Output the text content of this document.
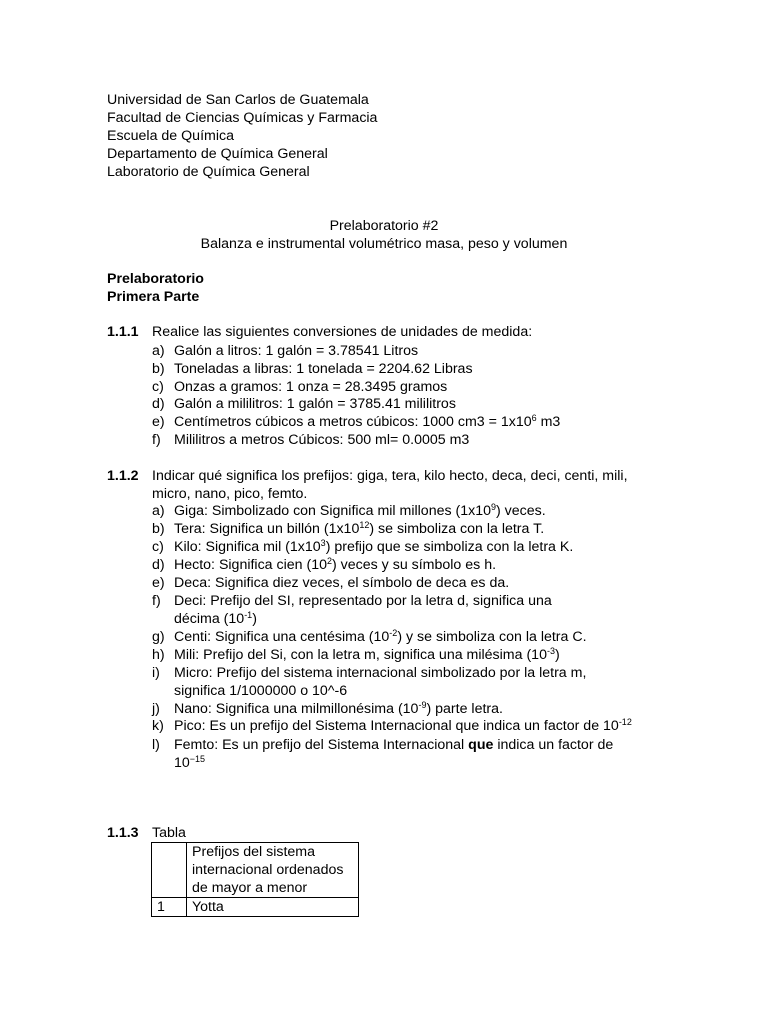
Universidad de San Carlos de Guatemala
Facultad de Ciencias Químicas y Farmacia
Escuela de Química
Departamento de Química General
Laboratorio de Química General
Prelaboratorio #2
Balanza e instrumental volumétrico masa, peso y volumen
Prelaboratorio
Primera Parte
1.1.1 Realice las siguientes conversiones de unidades de medida:
a) Galón a litros: 1 galón = 3.78541 Litros
b) Toneladas a libras: 1 tonelada = 2204.62 Libras
c) Onzas a gramos: 1 onza = 28.3495 gramos
d) Galón a mililitros: 1 galón = 3785.41 mililitros
e) Centímetros cúbicos a metros cúbicos: 1000 $cm3 = 1x10^6$ m3
f) Mililitros a metros Cúbicos: 500 ml= 0.0005 m3
1.1.2 Indicar qué significa los prefijos: giga, tera, kilo hecto, deca, deci, centi, mili,
micro, nano, pico, femto.
a) Giga: Simbolizado con Significa mil millones $(1x10^9)$ veces.
b) Tera: Significa un billón $(1x10^{12})$ se simboliza con la letra T.
c) Kilo: Significa mil $(1x10^3)$ prefijo que se simboliza con la letra K.
d) Hecto: Significa cien $(10^2)$ veces y su símbolo es h.
e) Deca: Significa diez veces, el símbolo de deca es da.
f) Deci: Prefijo del SI, representado por la letra d, significa una
décima $(10^{-1})$
g) Centi: Significa una centésima $(10^{-2})$ y se simboliza con la letra C.
h) Mili: Prefijo del Si, con la letra m, significa una milésima $(10^{-3})$
i) Micro: Prefijo del sistema internacional simbolizado por la letra m,
significa 1/1000000 o 10^-6
j) Nano: Significa una milmillonésima $(10^{-9})$ parte letra.
k) Pico: Es un prefijo del Sistema Internacional que indica un factor de $10^{-12}$
l) Femto: Es un prefijo del Sistema Internacional que indica un factor de
$10^{-15}$
1.1.3 Tabla

	Prefijos del sistema
internacional ordenados
de mayor a menor

1	Yotta
